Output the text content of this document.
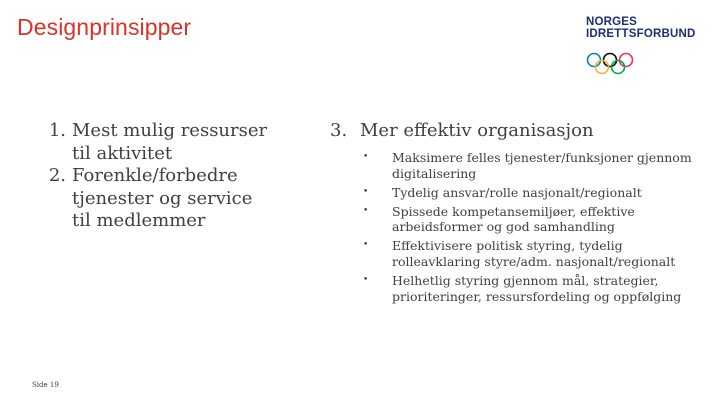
Designprinsipper	NORGES
IDRETTSFORBUND
1. Mest mulig ressurser til aktivitet
2. Forenkle/forbedre tjenester og service til medlemmer
3. Mer effektiv organisasjon
•	Maksimere felles tjenester/funksjoner gjennom digitalisering
•	Tydelig ansvar/rolle nasjonalt/regionalt
•	Spissede kompetansemiljøer, effektive arbeidsformer og god samhandling
•	Effektivisere politisk styring, tydelig rolleavklaring styre/adm. nasjonalt/regionalt
•	Helhetlig styring gjennom mål, strategier, prioriteringer, ressursfordeling og oppfølging
Side 19
